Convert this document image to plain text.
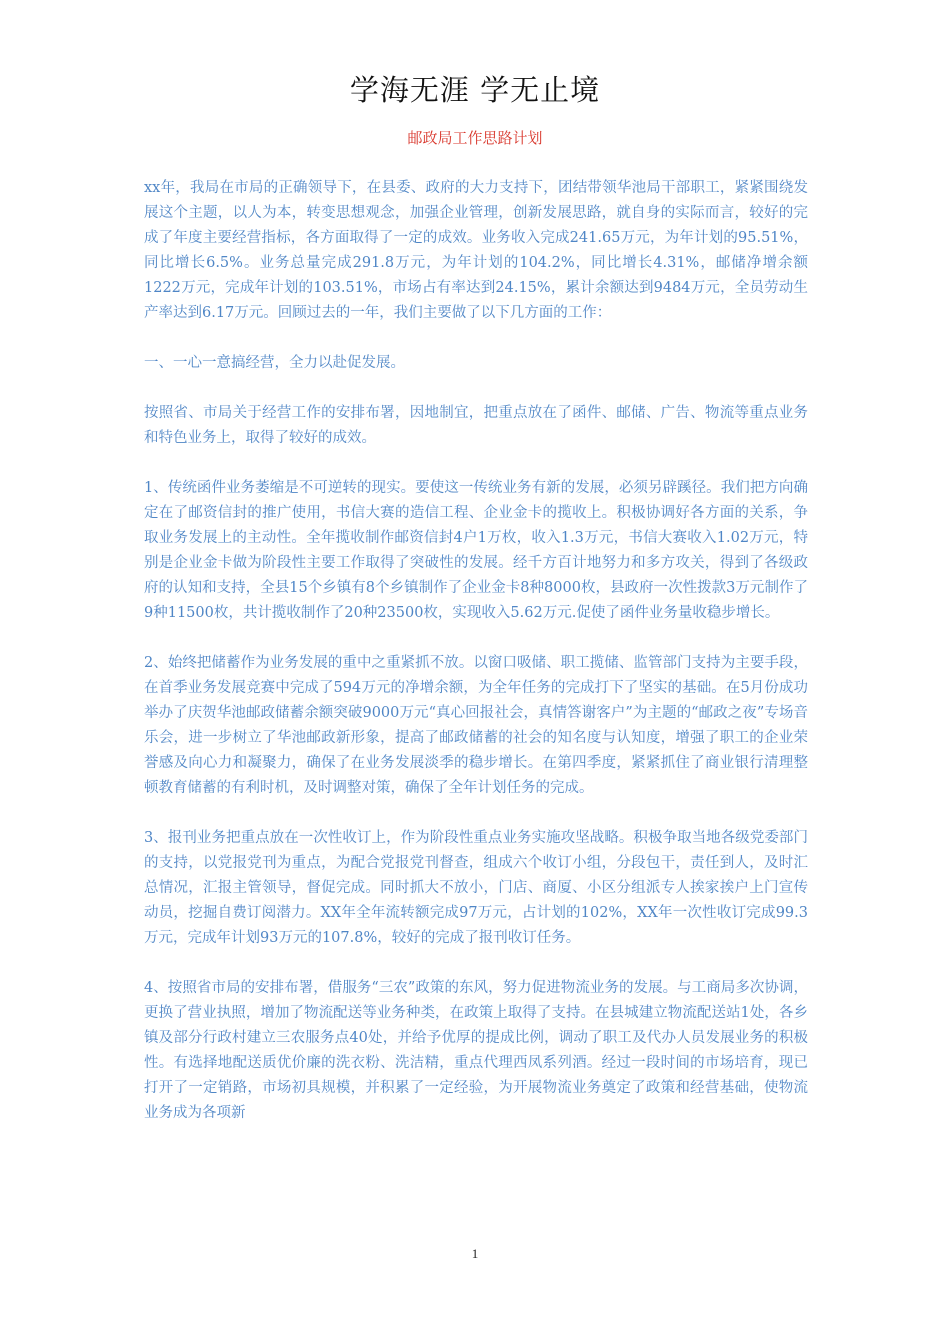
学海无涯 学无止境
邮政局工作思路计划

xx年，我局在市局的正确领导下，在县委、政府的大力支持下，团结带领华池局干部职工，紧紧围绕发展这个主题，以人为本，转变思想观念，加强企业管理，创新发展思路，就自身的实际而言，较好的完成了年度主要经营指标，各方面取得了一定的成效。业务收入完成241.65万元，为年计划的95.51%，同比增长6.5%。业务总量完成291.8万元，为年计划的104.2%，同比增长4.31%，邮储净增余额1222万元，完成年计划的103.51%，市场占有率达到24.15%，累计余额达到9484万元，全员劳动生产率达到6.17万元。回顾过去的一年，我们主要做了以下几方面的工作：

一、一心一意搞经营，全力以赴促发展。

按照省、市局关于经营工作的安排布署，因地制宜，把重点放在了函件、邮储、广告、物流等重点业务和特色业务上，取得了较好的成效。

1、传统函件业务萎缩是不可逆转的现实。要使这一传统业务有新的发展，必须另辟蹊径。我们把方向确定在了邮资信封的推广使用，书信大赛的造信工程、企业金卡的揽收上。积极协调好各方面的关系，争取业务发展上的主动性。全年揽收制作邮资信封4户1万枚，收入1.3万元，书信大赛收入1.02万元，特别是企业金卡做为阶段性主要工作取得了突破性的发展。经千方百计地努力和多方攻关，得到了各级政府的认知和支持，全县15个乡镇有8个乡镇制作了企业金卡8种8000枚，县政府一次性拨款3万元制作了9种11500枚，共计揽收制作了20种23500枚，实现收入5.62万元.促使了函件业务量收稳步增长。

2、始终把储蓄作为业务发展的重中之重紧抓不放。以窗口吸储、职工揽储、监管部门支持为主要手段，在首季业务发展竞赛中完成了594万元的净增余额，为全年任务的完成打下了坚实的基础。在5月份成功举办了庆贺华池邮政储蓄余额突破9000万元“真心回报社会，真情答谢客户”为主题的“邮政之夜”专场音乐会，进一步树立了华池邮政新形象，提高了邮政储蓄的社会的知名度与认知度，增强了职工的企业荣誉感及向心力和凝聚力，确保了在业务发展淡季的稳步增长。在第四季度，紧紧抓住了商业银行清理整顿教育储蓄的有利时机，及时调整对策，确保了全年计划任务的完成。

3、报刊业务把重点放在一次性收订上，作为阶段性重点业务实施攻坚战略。积极争取当地各级党委部门的支持，以党报党刊为重点，为配合党报党刊督查，组成六个收订小组，分段包干，责任到人，及时汇总情况，汇报主管领导，督促完成。同时抓大不放小，门店、商厦、小区分组派专人挨家挨户上门宣传动员，挖掘自费订阅潜力。XX年全年流转额完成97万元，占计划的102%，XX年一次性收订完成99.3万元，完成年计划93万元的107.8%，较好的完成了报刊收订任务。

4、按照省市局的安排布署，借服务“三农”政策的东风，努力促进物流业务的发展。与工商局多次协调，更换了营业执照，增加了物流配送等业务种类，在政策上取得了支持。在县城建立物流配送站1处，各乡镇及部分行政村建立三农服务点40处，并给予优厚的提成比例，调动了职工及代办人员发展业务的积极性。有选择地配送质优价廉的洗衣粉、洗洁精，重点代理西凤系列酒。经过一段时间的市场培育，现已打开了一定销路，市场初具规模，并积累了一定经验，为开展物流业务奠定了政策和经营基础，使物流业务成为各项新

1
